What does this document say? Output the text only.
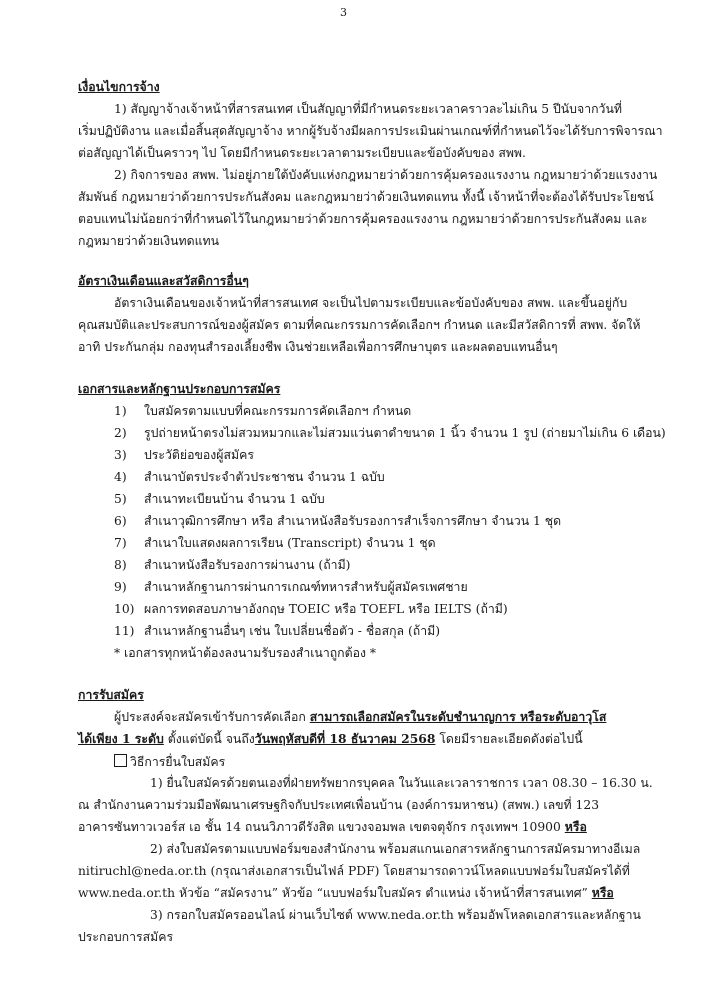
3
เงื่อนไขการจ้าง
1) สัญญาจ้างเจ้าหน้าที่สารสนเทศ เป็นสัญญาที่มีกำหนดระยะเวลาคราวละไม่เกิน 5 ปีนับจากวันที่
เริ่มปฏิบัติงาน และเมื่อสิ้นสุดสัญญาจ้าง หากผู้รับจ้างมีผลการประเมินผ่านเกณฑ์ที่กำหนดไว้จะได้รับการพิจารณา
ต่อสัญญาได้เป็นคราวๆ ไป โดยมีกำหนดระยะเวลาตามระเบียบและข้อบังคับของ สพพ.
2) กิจการของ สพพ. ไม่อยู่ภายใต้บังคับแห่งกฎหมายว่าด้วยการคุ้มครองแรงงาน กฎหมายว่าด้วยแรงงาน
สัมพันธ์ กฎหมายว่าด้วยการประกันสังคม และกฎหมายว่าด้วยเงินทดแทน ทั้งนี้ เจ้าหน้าที่จะต้องได้รับประโยชน์
ตอบแทนไม่น้อยกว่าที่กำหนดไว้ในกฎหมายว่าด้วยการคุ้มครองแรงงาน กฎหมายว่าด้วยการประกันสังคม และ
กฎหมายว่าด้วยเงินทดแทน
อัตราเงินเดือนและสวัสดิการอื่นๆ
อัตราเงินเดือนของเจ้าหน้าที่สารสนเทศ จะเป็นไปตามระเบียบและข้อบังคับของ สพพ. และขึ้นอยู่กับ
คุณสมบัติและประสบการณ์ของผู้สมัคร ตามที่คณะกรรมการคัดเลือกฯ กำหนด และมีสวัสดิการที่ สพพ. จัดให้
อาทิ ประกันกลุ่ม กองทุนสำรองเลี้ยงชีพ เงินช่วยเหลือเพื่อการศึกษาบุตร และผลตอบแทนอื่นๆ
เอกสารและหลักฐานประกอบการสมัคร
1) ใบสมัครตามแบบที่คณะกรรมการคัดเลือกฯ กำหนด
2) รูปถ่ายหน้าตรงไม่สวมหมวกและไม่สวมแว่นตาดำขนาด 1 นิ้ว จำนวน 1 รูป (ถ่ายมาไม่เกิน 6 เดือน)
3) ประวัติย่อของผู้สมัคร
4) สำเนาบัตรประจำตัวประชาชน จำนวน 1 ฉบับ
5) สำเนาทะเบียนบ้าน จำนวน 1 ฉบับ
6) สำเนาวุฒิการศึกษา หรือ สำเนาหนังสือรับรองการสำเร็จการศึกษา จำนวน 1 ชุด
7) สำเนาใบแสดงผลการเรียน (Transcript) จำนวน 1 ชุด
8) สำเนาหนังสือรับรองการผ่านงาน (ถ้ามี)
9) สำเนาหลักฐานการผ่านการเกณฑ์ทหารสำหรับผู้สมัครเพศชาย
10) ผลการทดสอบภาษาอังกฤษ TOEIC หรือ TOEFL หรือ IELTS (ถ้ามี)
11) สำเนาหลักฐานอื่นๆ เช่น ใบเปลี่ยนชื่อตัว - ชื่อสกุล (ถ้ามี)
* เอกสารทุกหน้าต้องลงนามรับรองสำเนาถูกต้อง *
การรับสมัคร
ผู้ประสงค์จะสมัครเข้ารับการคัดเลือก สามารถเลือกสมัครในระดับชำนาญการ หรือระดับอาวุโส
ได้เพียง 1 ระดับ ตั้งแต่บัดนี้ จนถึงวันพฤหัสบดีที่ 18 ธันวาคม 2568 โดยมีรายละเอียดดังต่อไปนี้
วิธีการยื่นใบสมัคร
1) ยื่นใบสมัครด้วยตนเองที่ฝ่ายทรัพยากรบุคคล ในวันและเวลาราชการ เวลา 08.30 – 16.30 น.
ณ สำนักงานความร่วมมือพัฒนาเศรษฐกิจกับประเทศเพื่อนบ้าน (องค์การมหาชน) (สพพ.) เลขที่ 123
อาคารซันทาวเวอร์ส เอ ชั้น 14 ถนนวิภาวดีรังสิต แขวงจอมพล เขตจตุจักร กรุงเทพฯ 10900 หรือ
2) ส่งใบสมัครตามแบบฟอร์มของสำนักงาน พร้อมสแกนเอกสารหลักฐานการสมัครมาทางอีเมล
nitiruchl@neda.or.th (กรุณาส่งเอกสารเป็นไฟล์ PDF) โดยสามารถดาวน์โหลดแบบฟอร์มใบสมัครได้ที่
www.neda.or.th หัวข้อ “สมัครงาน” หัวข้อ “แบบฟอร์มใบสมัคร ตำแหน่ง เจ้าหน้าที่สารสนเทศ” หรือ
3) กรอกใบสมัครออนไลน์ ผ่านเว็บไซต์ www.neda.or.th พร้อมอัพโหลดเอกสารและหลักฐาน
ประกอบการสมัคร
